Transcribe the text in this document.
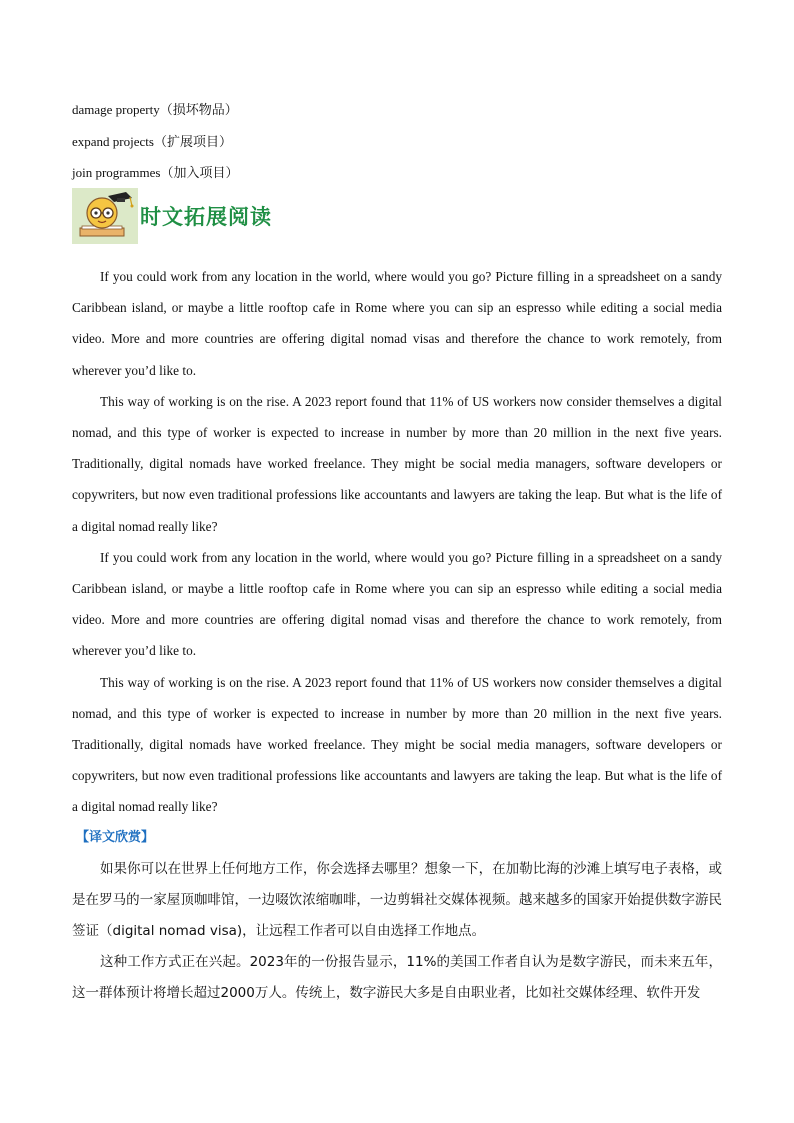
damage property（损坏物品）
expand projects（扩展项目）
join programmes（加入项目）
时文拓展阅读

If you could work from any location in the world, where would you go? Picture filling in a spreadsheet on a sandy Caribbean island, or maybe a little rooftop cafe in Rome where you can sip an espresso while editing a social media video. More and more countries are offering digital nomad visas and therefore the chance to work remotely, from wherever you’d like to.

This way of working is on the rise. A 2023 report found that 11% of US workers now consider themselves a digital nomad, and this type of worker is expected to increase in number by more than 20 million in the next five years. Traditionally, digital nomads have worked freelance. They might be social media managers, software developers or copywriters, but now even traditional professions like accountants and lawyers are taking the leap. But what is the life of a digital nomad really like?

If you could work from any location in the world, where would you go? Picture filling in a spreadsheet on a sandy Caribbean island, or maybe a little rooftop cafe in Rome where you can sip an espresso while editing a social media video. More and more countries are offering digital nomad visas and therefore the chance to work remotely, from wherever you’d like to.

This way of working is on the rise. A 2023 report found that 11% of US workers now consider themselves a digital nomad, and this type of worker is expected to increase in number by more than 20 million in the next five years. Traditionally, digital nomads have worked freelance. They might be social media managers, software developers or copywriters, but now even traditional professions like accountants and lawyers are taking the leap. But what is the life of a digital nomad really like?

【译文欣赏】

如果你可以在世界上任何地方工作，你会选择去哪里？想象一下，在加勒比海的沙滩上填写电子表格，或是在罗马的一家屋顶咖啡馆，一边啜饮浓缩咖啡，一边剪辑社交媒体视频。越来越多的国家开始提供数字游民签证（digital nomad visa)，让远程工作者可以自由选择工作地点。

这种工作方式正在兴起。2023年的一份报告显示，11%的美国工作者自认为是数字游民，而未来五年，这一群体预计将增长超过2000万人。传统上，数字游民大多是自由职业者，比如社交媒体经理、软件开发
